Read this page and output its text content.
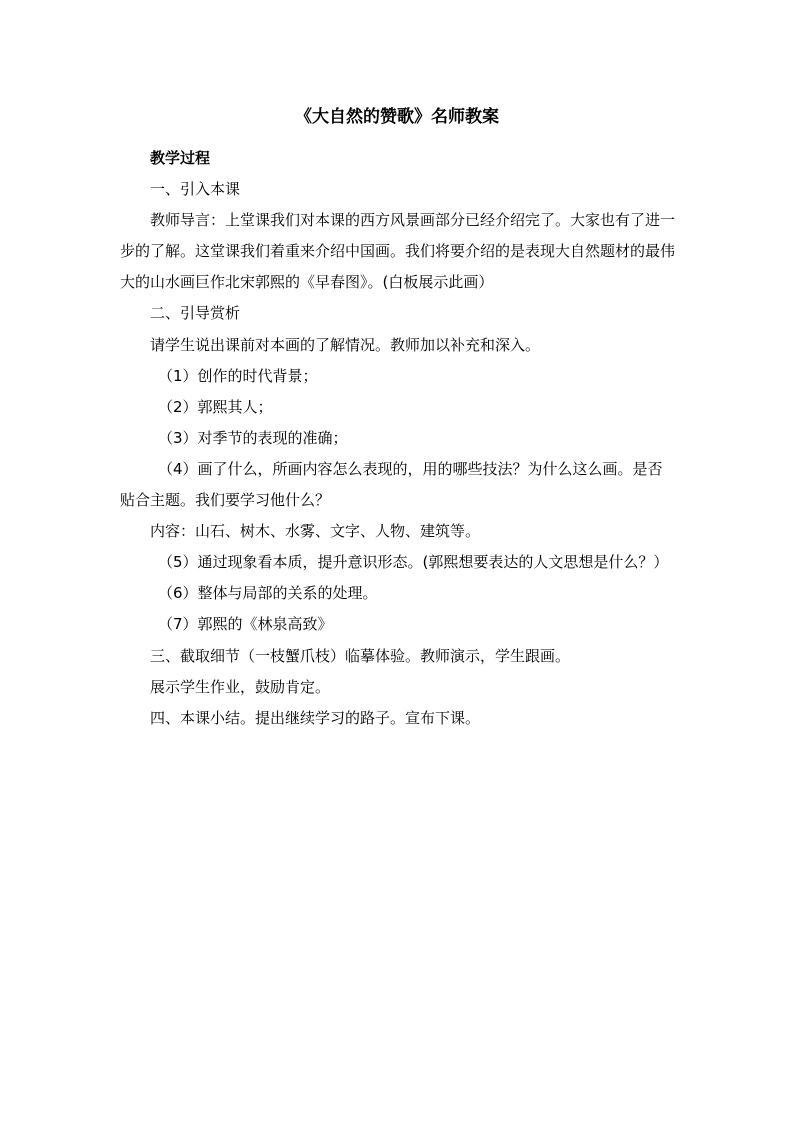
《大自然的赞歌》名师教案

教学过程

一、引入本课

教师导言：上堂课我们对本课的西方风景画部分已经介绍完了。大家也有了进一步的了解。这堂课我们着重来介绍中国画。我们将要介绍的是表现大自然题材的最伟大的山水画巨作北宋郭熙的《早春图》。(白板展示此画）

二、引导赏析

请学生说出课前对本画的了解情况。教师加以补充和深入。

（1）创作的时代背景；

（2）郭熙其人；

（3）对季节的表现的准确；

（4）画了什么，所画内容怎么表现的，用的哪些技法？为什么这么画。是否贴合主题。我们要学习他什么？

内容：山石、树木、水雾、文字、人物、建筑等。

（5）通过现象看本质，提升意识形态。(郭熙想要表达的人文思想是什么？）

（6）整体与局部的关系的处理。

（7）郭熙的《林泉高致》

三、截取细节（一枝蟹爪枝）临摹体验。教师演示，学生跟画。

展示学生作业，鼓励肯定。

四、本课小结。提出继续学习的路子。宣布下课。
